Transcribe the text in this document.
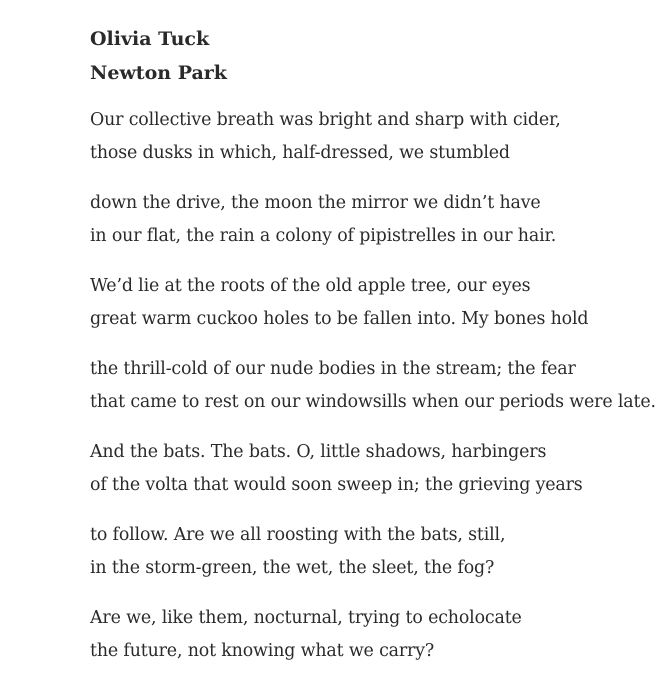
Olivia Tuck

Newton Park

Our collective breath was bright and sharp with cider,
those dusks in which, half-dressed, we stumbled
down the drive, the moon the mirror we didn’t have
in our flat, the rain a colony of pipistrelles in our hair.
We’d lie at the roots of the old apple tree, our eyes
great warm cuckoo holes to be fallen into. My bones hold
the thrill-cold of our nude bodies in the stream; the fear
that came to rest on our windowsills when our periods were late.
And the bats. The bats. O, little shadows, harbingers
of the volta that would soon sweep in; the grieving years
to follow. Are we all roosting with the bats, still,
in the storm-green, the wet, the sleet, the fog?
Are we, like them, nocturnal, trying to echolocate
the future, not knowing what we carry?
